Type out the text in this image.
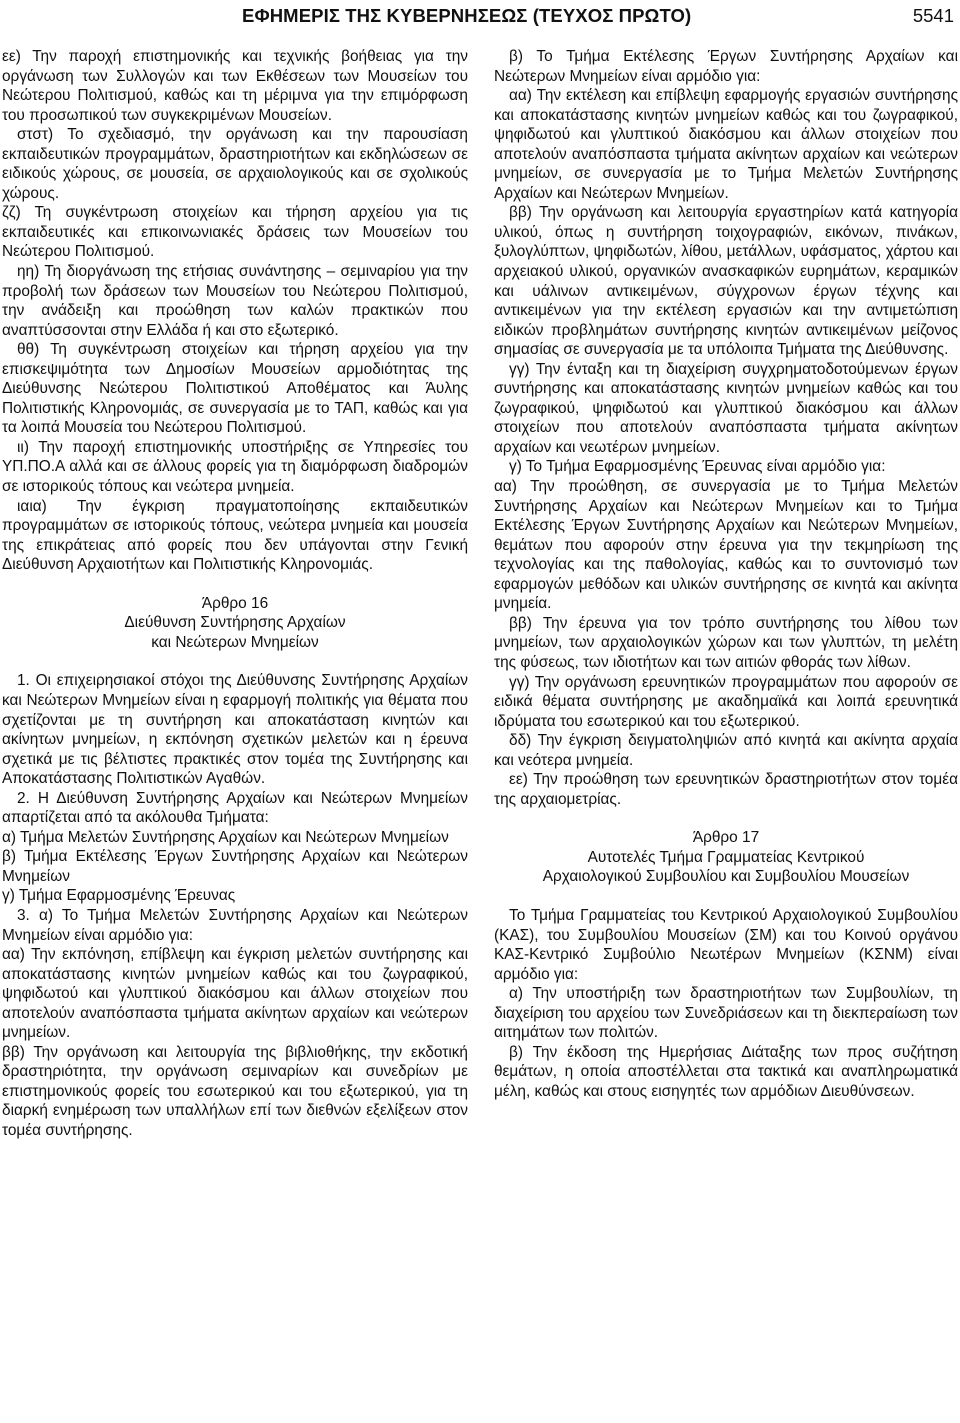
ΕΦΗΜΕΡΙΣ ΤΗΣ ΚΥΒΕΡΝΗΣΕΩΣ (ΤΕΥΧΟΣ ΠΡΩΤΟ)	5541

εε) Την παροχή επιστημονικής και τεχνικής βοήθειας για την οργάνωση των Συλλογών και των Εκθέσεων των Μουσείων του Νεώτερου Πολιτισμού, καθώς και τη μέριμνα για την επιμόρφωση του προσωπικού των συγκεκριμένων Μουσείων.

στστ) Το σχεδιασμό, την οργάνωση και την παρουσίαση εκπαιδευτικών προγραμμάτων, δραστηριοτήτων και εκδηλώσεων σε ειδικούς χώρους, σε μουσεία, σε αρχαιολογικούς και σε σχολικούς χώρους.

ζζ) Τη συγκέντρωση στοιχείων και τήρηση αρχείου για τις εκπαιδευτικές και επικοινωνιακές δράσεις των Μουσείων του Νεώτερου Πολιτισμού.

ηη) Τη διοργάνωση της ετήσιας συνάντησης – σεμιναρίου για την προβολή των δράσεων των Μουσείων του Νεώτερου Πολιτισμού, την ανάδειξη και προώθηση των καλών πρακτικών που αναπτύσσονται στην Ελλάδα ή και στο εξωτερικό.

θθ) Τη συγκέντρωση στοιχείων και τήρηση αρχείου για την επισκεψιμότητα των Δημοσίων Μουσείων αρμοδιότητας της Διεύθυνσης Νεώτερου Πολιτιστικού Αποθέματος και Άυλης Πολιτιστικής Κληρονομιάς, σε συνεργασία με το ΤΑΠ, καθώς και για τα λοιπά Μουσεία του Νεώτερου Πολιτισμού.

ιι) Την παροχή επιστημονικής υποστήριξης σε Υπηρεσίες του ΥΠ.ΠΟ.Α αλλά και σε άλλους φορείς για τη διαμόρφωση διαδρομών σε ιστορικούς τόπους και νεώτερα μνημεία.

ιαια) Την έγκριση πραγματοποίησης εκπαιδευτικών προγραμμάτων σε ιστορικούς τόπους, νεώτερα μνημεία και μουσεία της επικράτειας από φορείς που δεν υπάγονται στην Γενική Διεύθυνση Αρχαιοτήτων και Πολιτιστικής Κληρονομιάς.

Άρθρο 16

Διεύθυνση Συντήρησης Αρχαίων

και Νεώτερων Μνημείων

1. Οι επιχειρησιακοί στόχοι της Διεύθυνσης Συντήρησης Αρχαίων και Νεώτερων Μνημείων είναι η εφαρμογή πολιτικής για θέματα που σχετίζονται με τη συντήρηση και αποκατάσταση κινητών και ακίνητων μνημείων, η εκπόνηση σχετικών μελετών και η έρευνα σχετικά με τις βέλτιστες πρακτικές στον τομέα της Συντήρησης και Αποκατάστασης Πολιτιστικών Αγαθών.

2. Η Διεύθυνση Συντήρησης Αρχαίων και Νεώτερων Μνημείων απαρτίζεται από τα ακόλουθα Τμήματα:

α) Τμήμα Μελετών Συντήρησης Αρχαίων και Νεώτερων Μνημείων

β) Τμήμα Εκτέλεσης Έργων Συντήρησης Αρχαίων και Νεώτερων Μνημείων

γ) Τμήμα Εφαρμοσμένης Έρευνας

3. α) Το Τμήμα Μελετών Συντήρησης Αρχαίων και Νεώτερων Μνημείων είναι αρμόδιο για:

αα) Την εκπόνηση, επίβλεψη και έγκριση μελετών συντήρησης και αποκατάστασης κινητών μνημείων καθώς και του ζωγραφικού, ψηφιδωτού και γλυπτικού διακόσμου και άλλων στοιχείων που αποτελούν αναπόσπαστα τμήματα ακίνητων αρχαίων και νεώτερων μνημείων.

ββ) Την οργάνωση και λειτουργία της βιβλιοθήκης, την εκδοτική δραστηριότητα, την οργάνωση σεμιναρίων και συνεδρίων με επιστημονικούς φορείς του εσωτερικού και του εξωτερικού, για τη διαρκή ενημέρωση των υπαλλήλων επί των διεθνών εξελίξεων στον τομέα συντήρησης.

β) Το Τμήμα Εκτέλεσης Έργων Συντήρησης Αρχαίων και Νεώτερων Μνημείων είναι αρμόδιο για:

αα) Την εκτέλεση και επίβλεψη εφαρμογής εργασιών συντήρησης και αποκατάστασης κινητών μνημείων καθώς και του ζωγραφικού, ψηφιδωτού και γλυπτικού διακόσμου και άλλων στοιχείων που αποτελούν αναπόσπαστα τμήματα ακίνητων αρχαίων και νεώτερων μνημείων, σε συνεργασία με το Τμήμα Μελετών Συντήρησης Αρχαίων και Νεώτερων Μνημείων.

ββ) Την οργάνωση και λειτουργία εργαστηρίων κατά κατηγορία υλικού, όπως η συντήρηση τοιχογραφιών, εικόνων, πινάκων, ξυλογλύπτων, ψηφιδωτών, λίθου, μετάλλων, υφάσματος, χάρτου και αρχειακού υλικού, οργανικών ανασκαφικών ευρημάτων, κεραμικών και υάλινων αντικειμένων, σύγχρονων έργων τέχνης και αντικειμένων για την εκτέλεση εργασιών και την αντιμετώπιση ειδικών προβλημάτων συντήρησης κινητών αντικειμένων μείζονος σημασίας σε συνεργασία με τα υπόλοιπα Τμήματα της Διεύθυνσης.

γγ) Την ένταξη και τη διαχείριση συγχρηματοδοτούμενων έργων συντήρησης και αποκατάστασης κινητών μνημείων καθώς και του ζωγραφικού, ψηφιδωτού και γλυπτικού διακόσμου και άλλων στοιχείων που αποτελούν αναπόσπαστα τμήματα ακίνητων αρχαίων και νεωτέρων μνημείων.

γ) Το Τμήμα Εφαρμοσμένης Έρευνας είναι αρμόδιο για:

αα) Την προώθηση, σε συνεργασία με το Τμήμα Μελετών Συντήρησης Αρχαίων και Νεώτερων Μνημείων και το Τμήμα Εκτέλεσης Έργων Συντήρησης Αρχαίων και Νεώτερων Μνημείων, θεμάτων που αφορούν στην έρευνα για την τεκμηρίωση της τεχνολογίας και της παθολογίας, καθώς και το συντονισμό των εφαρμογών μεθόδων και υλικών συντήρησης σε κινητά και ακίνητα μνημεία.

ββ) Την έρευνα για τον τρόπο συντήρησης του λίθου των μνημείων, των αρχαιολογικών χώρων και των γλυπτών, τη μελέτη της φύσεως, των ιδιοτήτων και των αιτιών φθοράς των λίθων.

γγ) Την οργάνωση ερευνητικών προγραμμάτων που αφορούν σε ειδικά θέματα συντήρησης με ακαδημαϊκά και λοιπά ερευνητικά ιδρύματα του εσωτερικού και του εξωτερικού.

δδ) Την έγκριση δειγματοληψιών από κινητά και ακίνητα αρχαία και νεότερα μνημεία.

εε) Την προώθηση των ερευνητικών δραστηριοτήτων στον τομέα της αρχαιομετρίας.

Άρθρο 17

Αυτοτελές Τμήμα Γραμματείας Κεντρικού

Αρχαιολογικού Συμβουλίου και Συμβουλίου Μουσείων

Το Τμήμα Γραμματείας του Κεντρικού Αρχαιολογικού Συμβουλίου (ΚΑΣ), του Συμβουλίου Μουσείων (ΣΜ) και του Κοινού οργάνου ΚΑΣ-Κεντρικό Συμβούλιο Νεωτέρων Μνημείων (ΚΣΝΜ) είναι αρμόδιο για:

α) Την υποστήριξη των δραστηριοτήτων των Συμβουλίων, τη διαχείριση του αρχείου των Συνεδριάσεων και τη διεκπεραίωση των αιτημάτων των πολιτών.

β) Την έκδοση της Ημερήσιας Διάταξης των προς συζήτηση θεμάτων, η οποία αποστέλλεται στα τακτικά και αναπληρωματικά μέλη, καθώς και στους εισηγητές των αρμόδιων Διευθύνσεων.
